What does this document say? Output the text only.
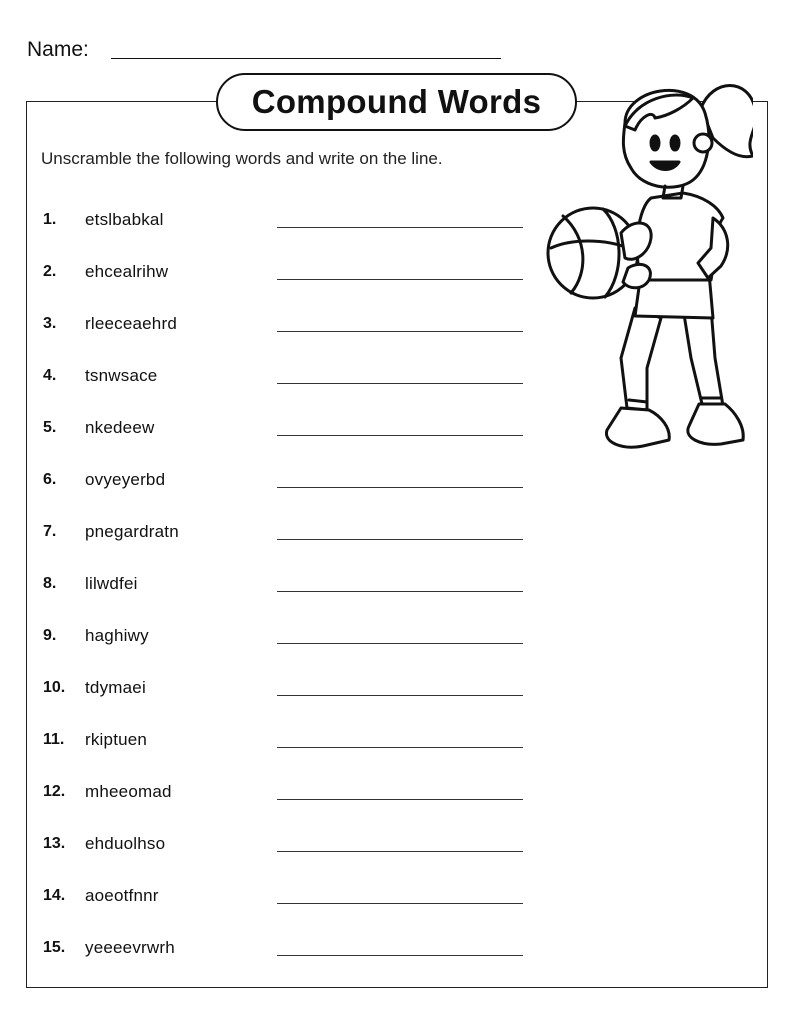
Name:
Compound Words
Unscramble the following words and write on the line.
1. etslbabkal
2. ehcealrihw
3. rleeceaehrd
4. tsnwsace
5. nkedeew
6. ovyeyerbd
7. pnegardratn
8. lilwdfei
9. haghiwy
10. tdymaei
11. rkiptuen
12. mheeomad
13. ehduolhso
14. aoeotfnnr
15. yeeeevrwrh
